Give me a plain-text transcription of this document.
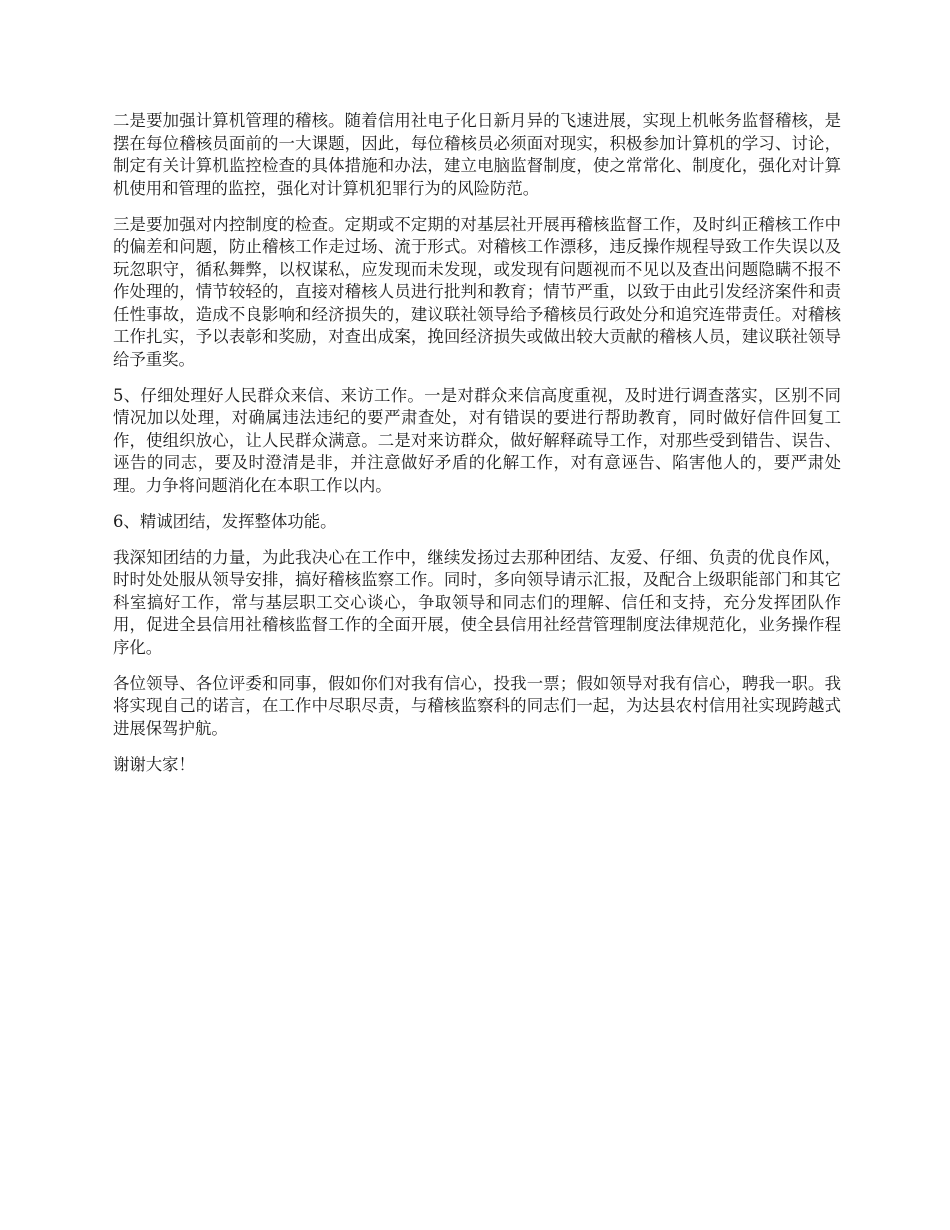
二是要加强计算机管理的稽核。随着信用社电子化日新月异的飞速进展，实现上机帐务监督稽核，是摆在每位稽核员面前的一大课题，因此，每位稽核员必须面对现实，积极参加计算机的学习、讨论，制定有关计算机监控检查的具体措施和办法，建立电脑监督制度，使之常常化、制度化，强化对计算机使用和管理的监控，强化对计算机犯罪行为的风险防范。

三是要加强对内控制度的检查。定期或不定期的对基层社开展再稽核监督工作，及时纠正稽核工作中的偏差和问题，防止稽核工作走过场、流于形式。对稽核工作漂移，违反操作规程导致工作失误以及玩忽职守，循私舞弊，以权谋私，应发现而未发现，或发现有问题视而不见以及查出问题隐瞒不报不作处理的，情节较轻的，直接对稽核人员进行批判和教育；情节严重，以致于由此引发经济案件和责任性事故，造成不良影响和经济损失的，建议联社领导给予稽核员行政处分和追究连带责任。对稽核工作扎实，予以表彰和奖励，对查出成案，挽回经济损失或做出较大贡献的稽核人员，建议联社领导给予重奖。

5、仔细处理好人民群众来信、来访工作。一是对群众来信高度重视，及时进行调查落实，区别不同情况加以处理，对确属违法违纪的要严肃查处，对有错误的要进行帮助教育，同时做好信件回复工作，使组织放心，让人民群众满意。二是对来访群众，做好解释疏导工作，对那些受到错告、误告、诬告的同志，要及时澄清是非，并注意做好矛盾的化解工作，对有意诬告、陷害他人的，要严肃处理。力争将问题消化在本职工作以内。

6、精诚团结，发挥整体功能。

我深知团结的力量，为此我决心在工作中，继续发扬过去那种团结、友爱、仔细、负责的优良作风，时时处处服从领导安排，搞好稽核监察工作。同时，多向领导请示汇报，及配合上级职能部门和其它科室搞好工作，常与基层职工交心谈心，争取领导和同志们的理解、信任和支持，充分发挥团队作用，促进全县信用社稽核监督工作的全面开展，使全县信用社经营管理制度法律规范化，业务操作程序化。

各位领导、各位评委和同事，假如你们对我有信心，投我一票；假如领导对我有信心，聘我一职。我将实现自己的诺言，在工作中尽职尽责，与稽核监察科的同志们一起，为达县农村信用社实现跨越式进展保驾护航。

谢谢大家！
